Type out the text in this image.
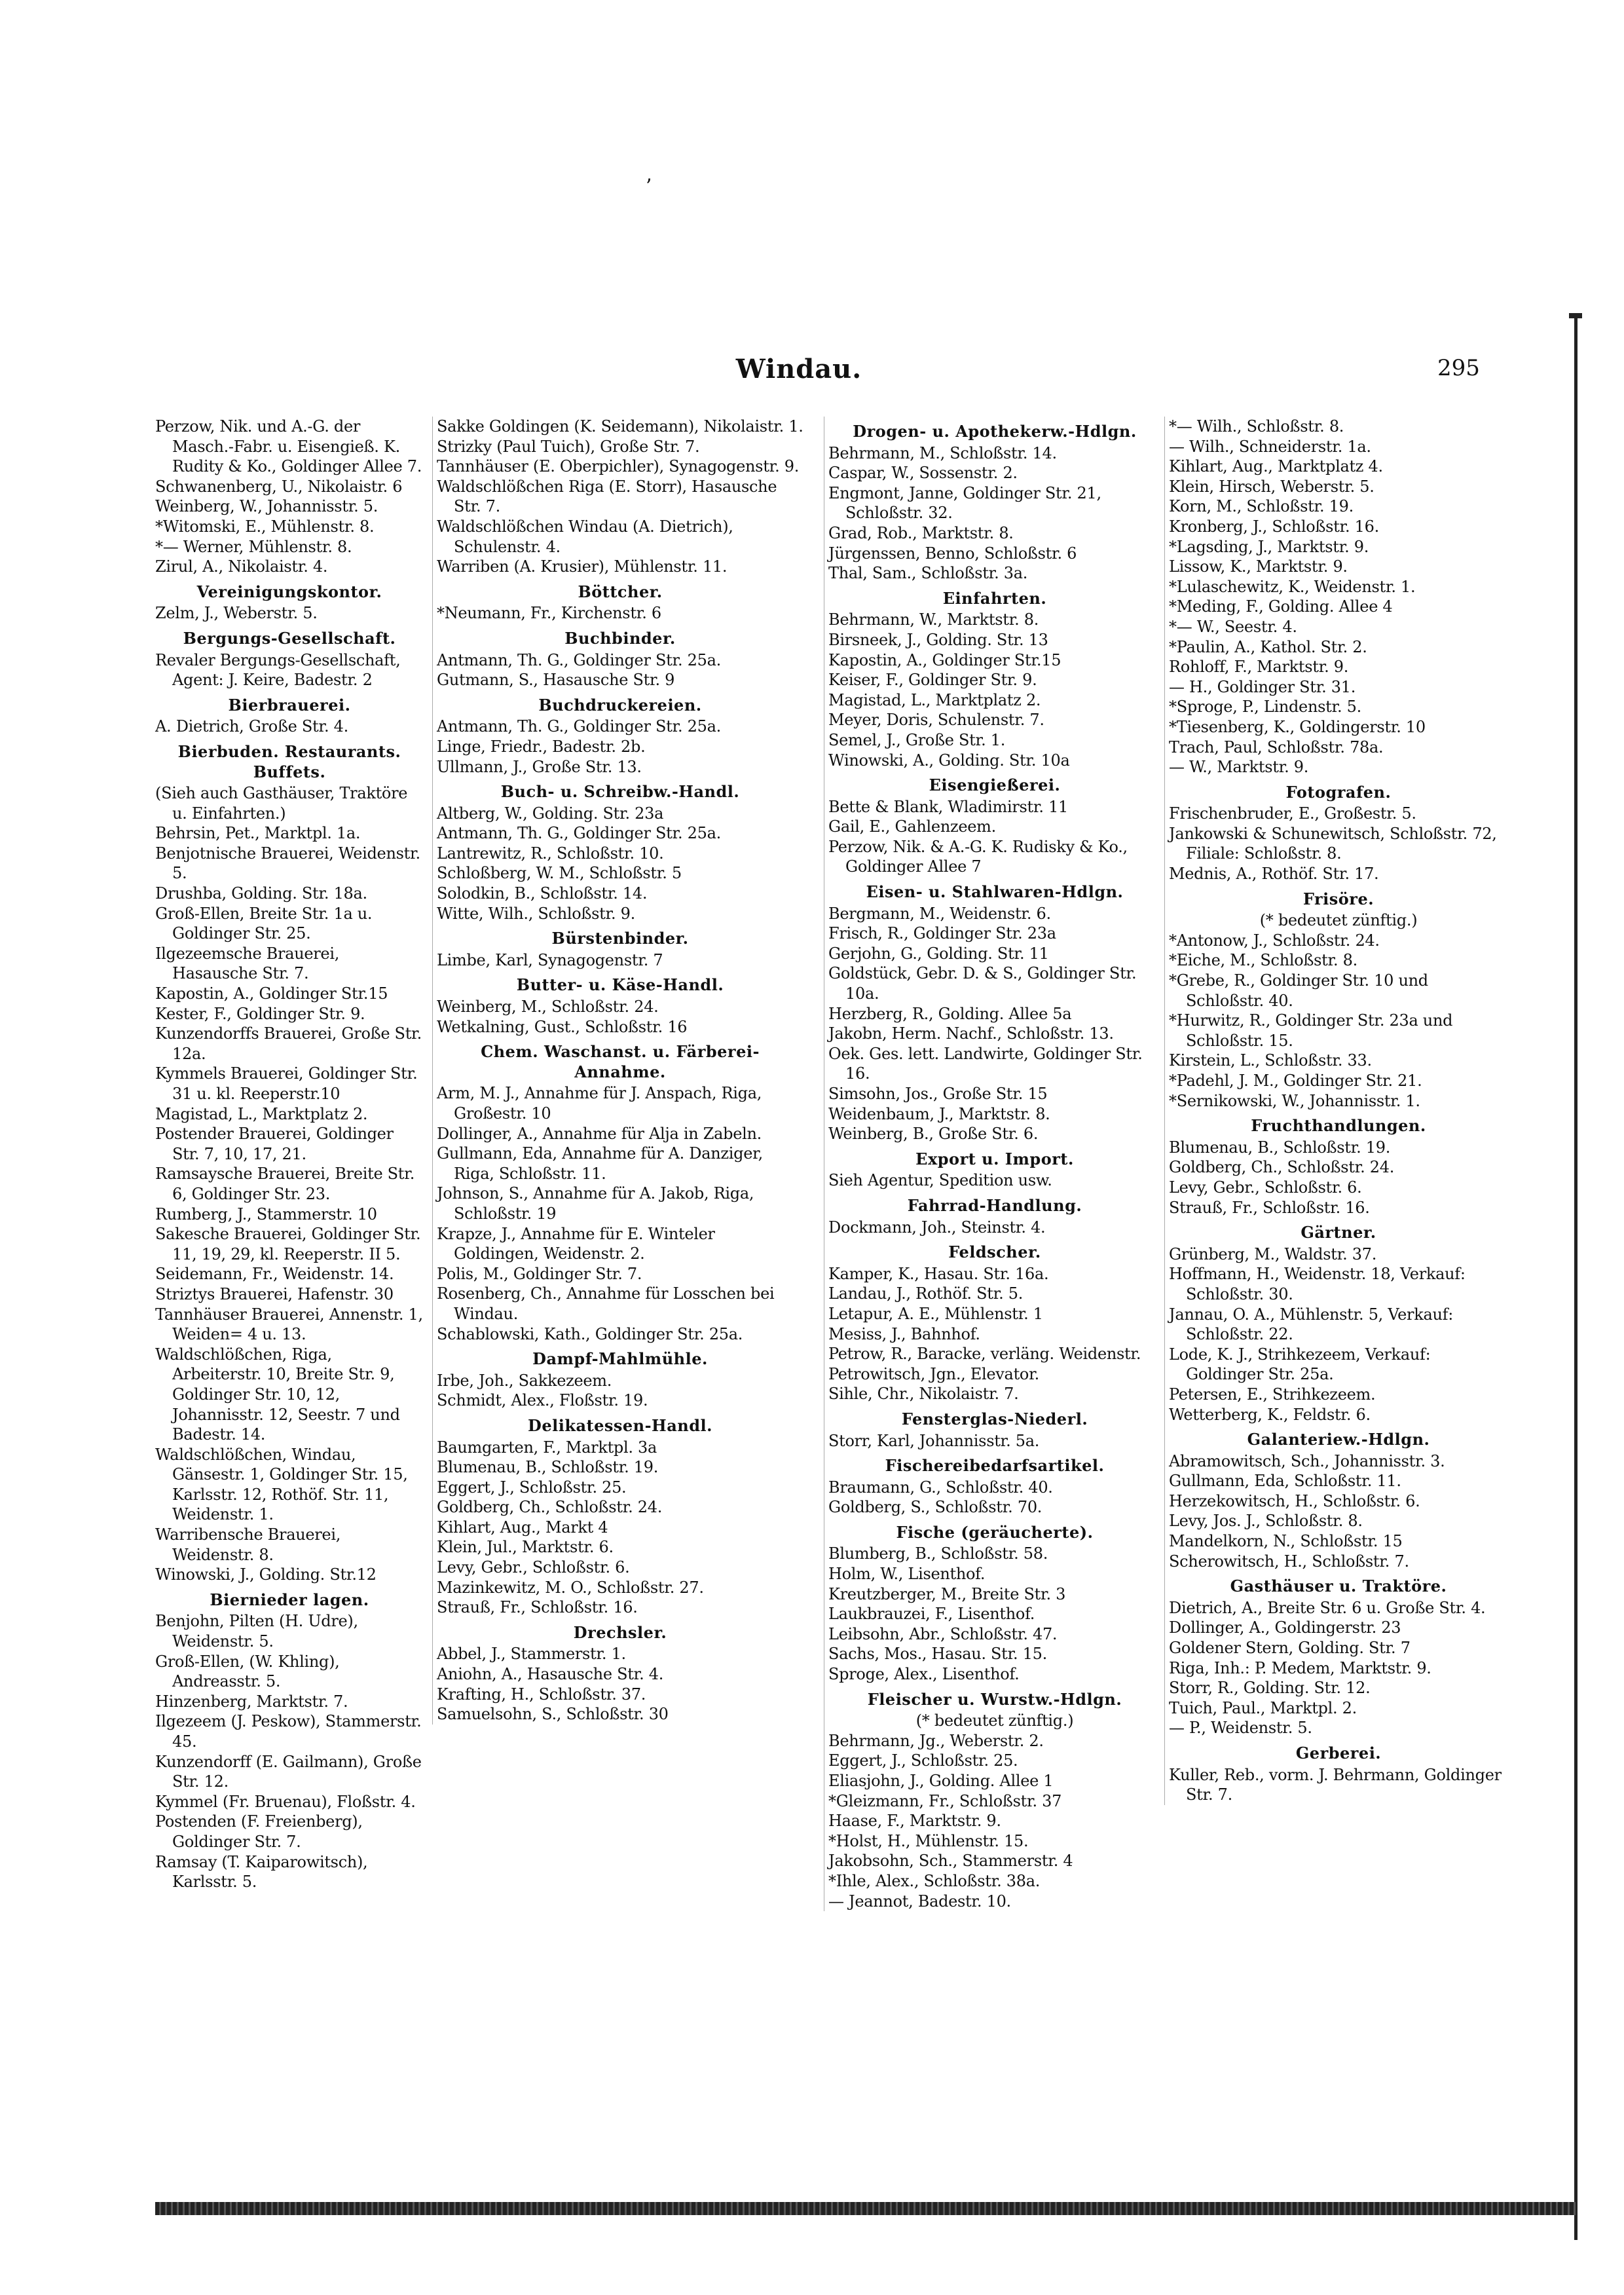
ʼ
Windau.	295
Perzow, Nik. und A.-G. der Masch.-Fabr. u. Eisengieß. K. Rudity & Ko., Goldinger Allee 7.
Schwanenberg, U., Nikolaistr. 6
Weinberg, W., Johannisstr. 5.
*Witomski, E., Mühlenstr. 8.
*— Werner, Mühlenstr. 8.
Zirul, A., Nikolaistr. 4.
Vereinigungskontor.
Zelm, J., Weberstr. 5.
Bergungs-Gesellschaft.
Revaler Bergungs-Gesellschaft, Agent: J. Keire, Badestr. 2
Bierbrauerei.
A. Dietrich, Große Str. 4.
Bierbuden. Restaurants. Buffets.
(Sieh auch Gasthäuser, Traktöre u. Einfahrten.)
Behrsin, Pet., Marktpl. 1a.
Benjotnische Brauerei, Weidenstr. 5.
Drushba, Golding. Str. 18a.
Groß-Ellen, Breite Str. 1a u. Goldinger Str. 25.
Ilgezeemsche Brauerei, Hasausche Str. 7.
Kapostin, A., Goldinger Str.15
Kester, F., Goldinger Str. 9.
Kunzendorffs Brauerei, Große Str. 12a.
Kymmels Brauerei, Goldinger Str. 31 u. kl. Reeperstr.10
Magistad, L., Marktplatz 2.
Postender Brauerei, Goldinger Str. 7, 10, 17, 21.
Ramsaysche Brauerei, Breite Str. 6, Goldinger Str. 23.
Rumberg, J., Stammerstr. 10
Sakesche Brauerei, Goldinger Str. 11, 19, 29, kl. Reeperstr. II 5.
Seidemann, Fr., Weidenstr. 14.
Striztys Brauerei, Hafenstr. 30
Tannhäuser Brauerei, Annenstr. 1, Weiden= 4 u. 13.
Waldschlößchen, Riga, Arbeiterstr. 10, Breite Str. 9, Goldinger Str. 10, 12, Johannisstr. 12, Seestr. 7 und Badestr. 14.
Waldschlößchen, Windau, Gänsestr. 1, Goldinger Str. 15, Karlsstr. 12, Rothöf. Str. 11, Weidenstr. 1.
Warribensche Brauerei, Weidenstr. 8.
Winowski, J., Golding. Str.12
Biernieder lagen.
Benjohn, Pilten (H. Udre), Weidenstr. 5.
Groß-Ellen, (W. Khling), Andreasstr. 5.
Hinzenberg, Marktstr. 7.
Ilgezeem (J. Peskow), Stammerstr. 45.
Kunzendorff (E. Gailmann), Große Str. 12.
Kymmel (Fr. Bruenau), Floßstr. 4.
Postenden (F. Freienberg), Goldinger Str. 7.
Ramsay (T. Kaiparowitsch), Karlsstr. 5.
Sakke Goldingen (K. Seidemann), Nikolaistr. 1.
Strizky (Paul Tuich), Große Str. 7.
Tannhäuser (E. Oberpichler), Synagogenstr. 9.
Waldschlößchen Riga (E. Storr), Hasausche Str. 7.
Waldschlößchen Windau (A. Dietrich), Schulenstr. 4.
Warriben (A. Krusier), Mühlenstr. 11.
Böttcher.
*Neumann, Fr., Kirchenstr. 6
Buchbinder.
Antmann, Th. G., Goldinger Str. 25a.
Gutmann, S., Hasausche Str. 9
Buchdruckereien.
Antmann, Th. G., Goldinger Str. 25a.
Linge, Friedr., Badestr. 2b.
Ullmann, J., Große Str. 13.
Buch- u. Schreibw.-Handl.
Altberg, W., Golding. Str. 23a
Antmann, Th. G., Goldinger Str. 25a.
Lantrewitz, R., Schloßstr. 10.
Schloßberg, W. M., Schloßstr. 5
Solodkin, B., Schloßstr. 14.
Witte, Wilh., Schloßstr. 9.
Bürstenbinder.
Limbe, Karl, Synagogenstr. 7
Butter- u. Käse-Handl.
Weinberg, M., Schloßstr. 24.
Wetkalning, Gust., Schloßstr. 16
Chem. Waschanst. u. Färberei-Annahme.
Arm, M. J., Annahme für J. Anspach, Riga, Großestr. 10
Dollinger, A., Annahme für Alja in Zabeln.
Gullmann, Eda, Annahme für A. Danziger, Riga, Schloßstr. 11.
Johnson, S., Annahme für A. Jakob, Riga, Schloßstr. 19
Krapze, J., Annahme für E. Winteler Goldingen, Weidenstr. 2.
Polis, M., Goldinger Str. 7.
Rosenberg, Ch., Annahme für Losschen bei Windau.
Schablowski, Kath., Goldinger Str. 25a.
Dampf-Mahlmühle.
Irbe, Joh., Sakkezeem.
Schmidt, Alex., Floßstr. 19.
Delikatessen-Handl.
Baumgarten, F., Marktpl. 3a
Blumenau, B., Schloßstr. 19.
Eggert, J., Schloßstr. 25.
Goldberg, Ch., Schloßstr. 24.
Kihlart, Aug., Markt 4
Klein, Jul., Marktstr. 6.
Levy, Gebr., Schloßstr. 6.
Mazinkewitz, M. O., Schloßstr. 27.
Strauß, Fr., Schloßstr. 16.
Drechsler.
Abbel, J., Stammerstr. 1.
Aniohn, A., Hasausche Str. 4.
Krafting, H., Schloßstr. 37.
Samuelsohn, S., Schloßstr. 30
Drogen- u. Apothekerw.-Hdlgn.
Behrmann, M., Schloßstr. 14.
Caspar, W., Sossenstr. 2.
Engmont, Janne, Goldinger Str. 21, Schloßstr. 32.
Grad, Rob., Marktstr. 8.
Jürgenssen, Benno, Schloßstr. 6
Thal, Sam., Schloßstr. 3a.
Einfahrten.
Behrmann, W., Marktstr. 8.
Birsneek, J., Golding. Str. 13
Kapostin, A., Goldinger Str.15
Keiser, F., Goldinger Str. 9.
Magistad, L., Marktplatz 2.
Meyer, Doris, Schulenstr. 7.
Semel, J., Große Str. 1.
Winowski, A., Golding. Str. 10a
Eisengießerei.
Bette & Blank, Wladimirstr. 11
Gail, E., Gahlenzeem.
Perzow, Nik. & A.-G. K. Rudisky & Ko., Goldinger Allee 7
Eisen- u. Stahlwaren-Hdlgn.
Bergmann, M., Weidenstr. 6.
Frisch, R., Goldinger Str. 23a
Gerjohn, G., Golding. Str. 11
Goldstück, Gebr. D. & S., Goldinger Str. 10a.
Herzberg, R., Golding. Allee 5a
Jakobn, Herm. Nachf., Schloßstr. 13.
Oek. Ges. lett. Landwirte, Goldinger Str. 16.
Simsohn, Jos., Große Str. 15
Weidenbaum, J., Marktstr. 8.
Weinberg, B., Große Str. 6.
Export u. Import.
Sieh Agentur, Spedition usw.
Fahrrad-Handlung.
Dockmann, Joh., Steinstr. 4.
Feldscher.
Kamper, K., Hasau. Str. 16a.
Landau, J., Rothöf. Str. 5.
Letapur, A. E., Mühlenstr. 1
Mesiss, J., Bahnhof.
Petrow, R., Baracke, verläng. Weidenstr.
Petrowitsch, Jgn., Elevator.
Sihle, Chr., Nikolaistr. 7.
Fensterglas-Niederl.
Storr, Karl, Johannisstr. 5a.
Fischereibedarfsartikel.
Braumann, G., Schloßstr. 40.
Goldberg, S., Schloßstr. 70.
Fische (geräucherte).
Blumberg, B., Schloßstr. 58.
Holm, W., Lisenthof.
Kreutzberger, M., Breite Str. 3
Laukbrauzei, F., Lisenthof.
Leibsohn, Abr., Schloßstr. 47.
Sachs, Mos., Hasau. Str. 15.
Sproge, Alex., Lisenthof.
Fleischer u. Wurstw.-Hdlgn.
(* bedeutet zünftig.)
Behrmann, Jg., Weberstr. 2.
Eggert, J., Schloßstr. 25.
Eliasjohn, J., Golding. Allee 1
*Gleizmann, Fr., Schloßstr. 37
Haase, F., Marktstr. 9.
*Holst, H., Mühlenstr. 15.
Jakobsohn, Sch., Stammerstr. 4
*Ihle, Alex., Schloßstr. 38a.
— Jeannot, Badestr. 10.
*— Wilh., Schloßstr. 8.
— Wilh., Schneiderstr. 1a.
Kihlart, Aug., Marktplatz 4.
Klein, Hirsch, Weberstr. 5.
Korn, M., Schloßstr. 19.
Kronberg, J., Schloßstr. 16.
*Lagsding, J., Marktstr. 9.
Lissow, K., Marktstr. 9.
*Lulaschewitz, K., Weidenstr. 1.
*Meding, F., Golding. Allee 4
*— W., Seestr. 4.
*Paulin, A., Kathol. Str. 2.
Rohloff, F., Marktstr. 9.
— H., Goldinger Str. 31.
*Sproge, P., Lindenstr. 5.
*Tiesenberg, K., Goldingerstr. 10
Trach, Paul, Schloßstr. 78a.
— W., Marktstr. 9.
Fotografen.
Frischenbruder, E., Großestr. 5.
Jankowski & Schunewitsch, Schloßstr. 72, Filiale: Schloßstr. 8.
Mednis, A., Rothöf. Str. 17.
Frisöre.
(* bedeutet zünftig.)
*Antonow, J., Schloßstr. 24.
*Eiche, M., Schloßstr. 8.
*Grebe, R., Goldinger Str. 10 und Schloßstr. 40.
*Hurwitz, R., Goldinger Str. 23a und Schloßstr. 15.
Kirstein, L., Schloßstr. 33.
*Padehl, J. M., Goldinger Str. 21.
*Sernikowski, W., Johannisstr. 1.
Fruchthandlungen.
Blumenau, B., Schloßstr. 19.
Goldberg, Ch., Schloßstr. 24.
Levy, Gebr., Schloßstr. 6.
Strauß, Fr., Schloßstr. 16.
Gärtner.
Grünberg, M., Waldstr. 37.
Hoffmann, H., Weidenstr. 18, Verkauf: Schloßstr. 30.
Jannau, O. A., Mühlenstr. 5, Verkauf: Schloßstr. 22.
Lode, K. J., Strihkezeem, Verkauf: Goldinger Str. 25a.
Petersen, E., Strihkezeem.
Wetterberg, K., Feldstr. 6.
Galanteriew.-Hdlgn.
Abramowitsch, Sch., Johannisstr. 3.
Gullmann, Eda, Schloßstr. 11.
Herzekowitsch, H., Schloßstr. 6.
Levy, Jos. J., Schloßstr. 8.
Mandelkorn, N., Schloßstr. 15
Scherowitsch, H., Schloßstr. 7.
Gasthäuser u. Traktöre.
Dietrich, A., Breite Str. 6 u. Große Str. 4.
Dollinger, A., Goldingerstr. 23
Goldener Stern, Golding. Str. 7
Riga, Inh.: P. Medem, Marktstr. 9.
Storr, R., Golding. Str. 12.
Tuich, Paul., Marktpl. 2.
— P., Weidenstr. 5.
Gerberei.
Kuller, Reb., vorm. J. Behrmann, Goldinger Str. 7.
